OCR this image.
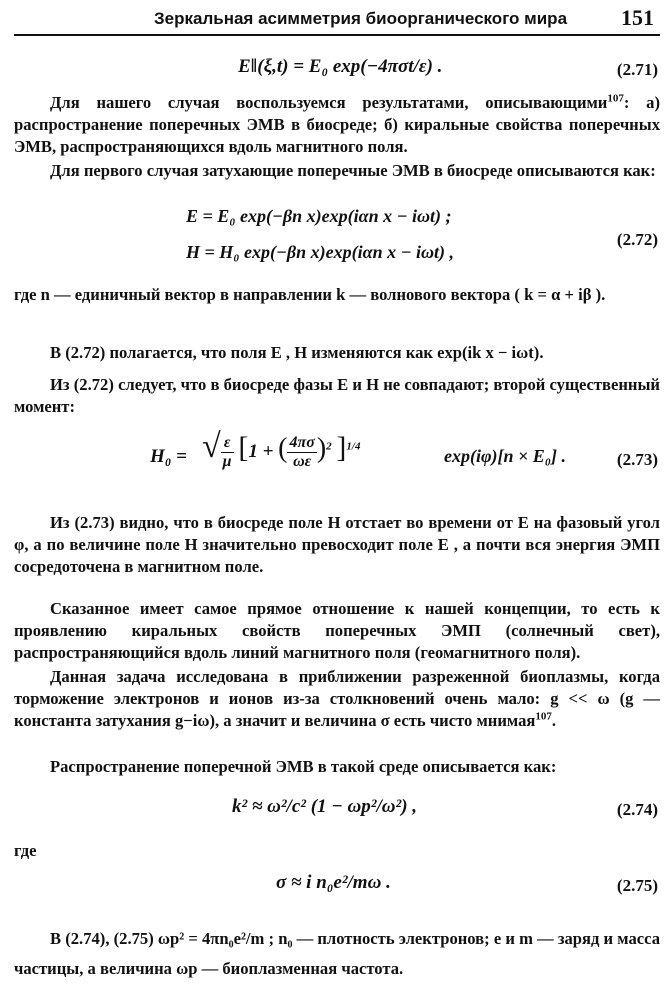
Зеркальная асимметрия биоорганического мира 151
E‖(ξ,t) = E₀ exp(−4πσt/ε) .	(2.71)
Для нашего случая воспользуемся результатами, описывающими$^{107}$: а) распространение поперечных ЭМВ в биосреде; б) киральные свойства поперечных ЭМВ, распространяющихся вдоль магнитного поля.
Для первого случая затухающие поперечные ЭМВ в биосреде описываются как:
E = E₀ exp(−βn x)exp(iαn x − iωt) ;
H = H₀ exp(−βn x)exp(iαn x − iωt) ,
(2.72)
где n — единичный вектор в направлении k — волнового вектора ( k = α + iβ ).
В (2.72) полагается, что поля E , H изменяются как exp(ik x − iωt).
Из (2.72) следует, что в биосреде фазы E и H не совпадают; второй существенный момент:
H₀ = √ $\frac{\varepsilon}{\mu} [1$ + ( $\frac{4\pi\sigma}{\omega\varepsilon} )^2$ ]$^{1/4}$	exp(iφ)[n × E₀] .	(2.73)
Из (2.73) видно, что в биосреде поле H отстает во времени от E на фазовый угол φ, а по величине поле H значительно превосходит поле E , а почти вся энергия ЭМП сосредоточена в магнитном поле.
Сказанное имеет самое прямое отношение к нашей концепции, то есть к проявлению киральных свойств поперечных ЭМП (солнечный свет), распространяющийся вдоль линий магнитного поля (геомагнитного поля).
Данная задача исследована в приближении разреженной биоплазмы, когда торможение электронов и ионов из-за столкновений очень мало: g << ω (g — константа затухания g−iω), а значит и величина σ есть чисто мнимая$^{107}$.
Распространение поперечной ЭМВ в такой среде описывается как:
k² ≈ ω²/c² (1 − ωp²/ω²) ,	(2.74)
где
σ ≈ i n₀e²/mω .	(2.75)
В (2.74), (2.75) ωp² = 4πn₀e²/m ; n₀ — плотность электронов; e и m — заряд и масса частицы, а величина ωp — биоплазменная частота.
